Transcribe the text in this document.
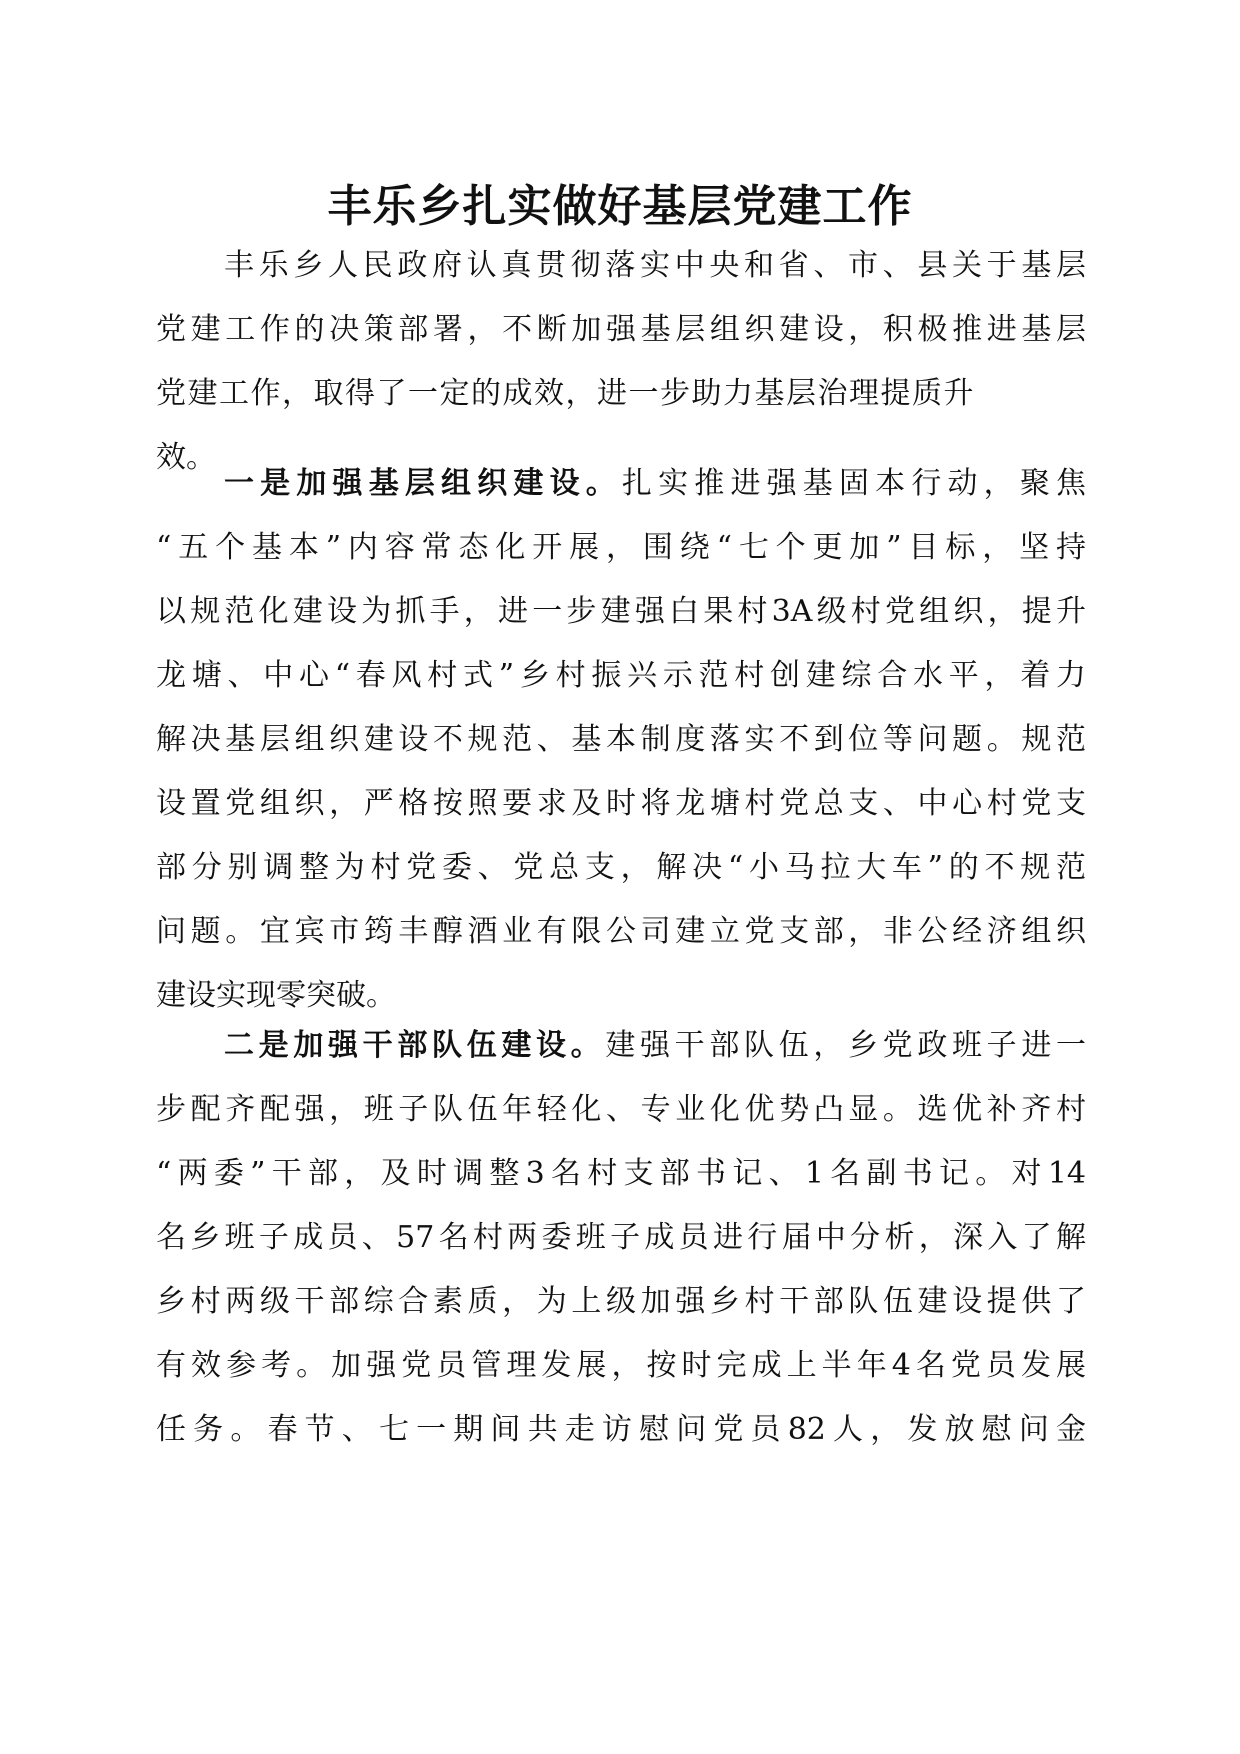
丰乐乡扎实做好基层党建工作
丰乐乡人民政府认真贯彻落实中央和省、市、县关于基层
党建工作的决策部署，不断加强基层组织建设，积极推进基层
党建工作，取得了一定的成效，进一步助力基层治理提质升
效。
一是加强基层组织建设。扎实推进强基固本行动，聚焦
“五个基本”内容常态化开展，围绕“七个更加”目标，坚持
以规范化建设为抓手，进一步建强白果村3A级村党组织，提升
龙塘、中心“春风村式”乡村振兴示范村创建综合水平，着力
解决基层组织建设不规范、基本制度落实不到位等问题。规范
设置党组织，严格按照要求及时将龙塘村党总支、中心村党支
部分别调整为村党委、党总支，解决“小马拉大车”的不规范
问题。宜宾市筠丰醇酒业有限公司建立党支部，非公经济组织
建设实现零突破。
二是加强干部队伍建设。建强干部队伍，乡党政班子进一
步配齐配强，班子队伍年轻化、专业化优势凸显。选优补齐村
“两委”干部，及时调整3名村支部书记、1名副书记。对14
名乡班子成员、57名村两委班子成员进行届中分析，深入了解
乡村两级干部综合素质，为上级加强乡村干部队伍建设提供了
有效参考。加强党员管理发展，按时完成上半年4名党员发展
任务。春节、七一期间共走访慰问党员82人，发放慰问金
